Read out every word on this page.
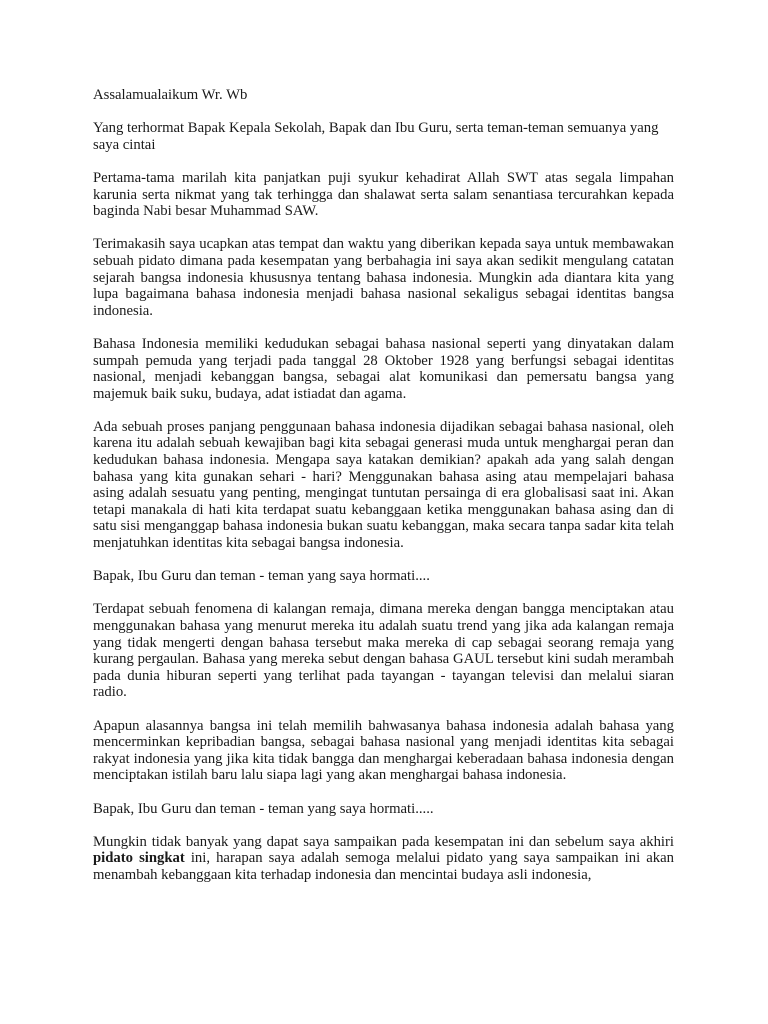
Assalamualaikum Wr. Wb

Yang terhormat Bapak Kepala Sekolah, Bapak dan Ibu Guru, serta teman-teman semuanya yang saya cintai

Pertama-tama marilah kita panjatkan puji syukur kehadirat Allah SWT atas segala limpahan karunia serta nikmat yang tak terhingga dan shalawat serta salam senantiasa tercurahkan kepada baginda Nabi besar Muhammad SAW.

Terimakasih saya ucapkan atas tempat dan waktu yang diberikan kepada saya untuk membawakan sebuah pidato dimana pada kesempatan yang berbahagia ini saya akan sedikit mengulang catatan sejarah bangsa indonesia khususnya tentang bahasa indonesia. Mungkin ada diantara kita yang lupa bagaimana bahasa indonesia menjadi bahasa nasional sekaligus sebagai identitas bangsa indonesia.

Bahasa Indonesia memiliki kedudukan sebagai bahasa nasional seperti yang dinyatakan dalam sumpah pemuda yang terjadi pada tanggal 28 Oktober 1928 yang berfungsi sebagai identitas nasional, menjadi kebanggan bangsa, sebagai alat komunikasi dan pemersatu bangsa yang majemuk baik suku, budaya, adat istiadat dan agama.

Ada sebuah proses panjang penggunaan bahasa indonesia dijadikan sebagai bahasa nasional, oleh karena itu adalah sebuah kewajiban bagi kita sebagai generasi muda untuk menghargai peran dan kedudukan bahasa indonesia. Mengapa saya katakan demikian? apakah ada yang salah dengan bahasa yang kita gunakan sehari - hari? Menggunakan bahasa asing atau mempelajari bahasa asing adalah sesuatu yang penting, mengingat tuntutan persainga di era globalisasi saat ini. Akan tetapi manakala di hati kita terdapat suatu kebanggaan ketika menggunakan bahasa asing dan di satu sisi menganggap bahasa indonesia bukan suatu kebanggan, maka secara tanpa sadar kita telah menjatuhkan identitas kita sebagai bangsa indonesia.

Bapak, Ibu Guru dan teman - teman yang saya hormati....

Terdapat sebuah fenomena di kalangan remaja, dimana mereka dengan bangga menciptakan atau menggunakan bahasa yang menurut mereka itu adalah suatu trend yang jika ada kalangan remaja yang tidak mengerti dengan bahasa tersebut maka mereka di cap sebagai seorang remaja yang kurang pergaulan. Bahasa yang mereka sebut dengan bahasa GAUL tersebut kini sudah merambah pada dunia hiburan seperti yang terlihat pada tayangan - tayangan televisi dan melalui siaran radio.

Apapun alasannya bangsa ini telah memilih bahwasanya bahasa indonesia adalah bahasa yang mencerminkan kepribadian bangsa, sebagai bahasa nasional yang menjadi identitas kita sebagai rakyat indonesia yang jika kita tidak bangga dan menghargai keberadaan bahasa indonesia dengan menciptakan istilah baru lalu siapa lagi yang akan menghargai bahasa indonesia.

Bapak, Ibu Guru dan teman - teman yang saya hormati.....

Mungkin tidak banyak yang dapat saya sampaikan pada kesempatan ini dan sebelum saya akhiri pidato singkat ini, harapan saya adalah semoga melalui pidato yang saya sampaikan ini akan menambah kebanggaan kita terhadap indonesia dan mencintai budaya asli indonesia,
